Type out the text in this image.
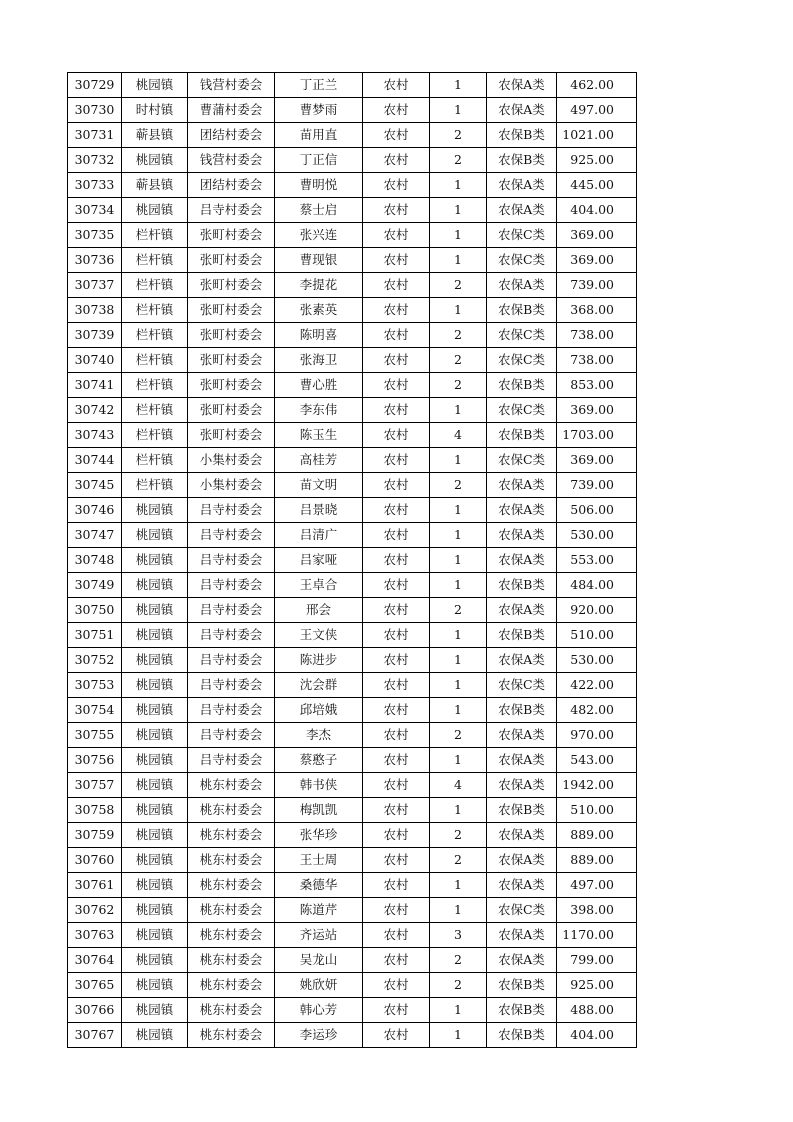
30729	桃园镇	钱营村委会	丁正兰	农村	1	农保A类	462.00
30730	时村镇	曹蒲村委会	曹梦雨	农村	1	农保A类	497.00
30731	蕲县镇	团结村委会	苗用直	农村	2	农保B类	1021.00
30732	桃园镇	钱营村委会	丁正信	农村	2	农保B类	925.00
30733	蕲县镇	团结村委会	曹明悦	农村	1	农保A类	445.00
30734	桃园镇	吕寺村委会	蔡士启	农村	1	农保A类	404.00
30735	栏杆镇	张町村委会	张兴连	农村	1	农保C类	369.00
30736	栏杆镇	张町村委会	曹现银	农村	1	农保C类	369.00
30737	栏杆镇	张町村委会	李提花	农村	2	农保A类	739.00
30738	栏杆镇	张町村委会	张素英	农村	1	农保B类	368.00
30739	栏杆镇	张町村委会	陈明喜	农村	2	农保C类	738.00
30740	栏杆镇	张町村委会	张海卫	农村	2	农保C类	738.00
30741	栏杆镇	张町村委会	曹心胜	农村	2	农保B类	853.00
30742	栏杆镇	张町村委会	李东伟	农村	1	农保C类	369.00
30743	栏杆镇	张町村委会	陈玉生	农村	4	农保B类	1703.00
30744	栏杆镇	小集村委会	高桂芳	农村	1	农保C类	369.00
30745	栏杆镇	小集村委会	苗文明	农村	2	农保A类	739.00
30746	桃园镇	吕寺村委会	吕景晓	农村	1	农保A类	506.00
30747	桃园镇	吕寺村委会	吕清广	农村	1	农保A类	530.00
30748	桃园镇	吕寺村委会	吕家哑	农村	1	农保A类	553.00
30749	桃园镇	吕寺村委会	王卓合	农村	1	农保B类	484.00
30750	桃园镇	吕寺村委会	邢会	农村	2	农保A类	920.00
30751	桃园镇	吕寺村委会	王文侠	农村	1	农保B类	510.00
30752	桃园镇	吕寺村委会	陈进步	农村	1	农保A类	530.00
30753	桃园镇	吕寺村委会	沈会群	农村	1	农保C类	422.00
30754	桃园镇	吕寺村委会	邱培娥	农村	1	农保B类	482.00
30755	桃园镇	吕寺村委会	李杰	农村	2	农保A类	970.00
30756	桃园镇	吕寺村委会	蔡憨子	农村	1	农保A类	543.00
30757	桃园镇	桃东村委会	韩书侠	农村	4	农保A类	1942.00
30758	桃园镇	桃东村委会	梅凯凯	农村	1	农保B类	510.00
30759	桃园镇	桃东村委会	张华珍	农村	2	农保A类	889.00
30760	桃园镇	桃东村委会	王士周	农村	2	农保A类	889.00
30761	桃园镇	桃东村委会	桑德华	农村	1	农保A类	497.00
30762	桃园镇	桃东村委会	陈道芹	农村	1	农保C类	398.00
30763	桃园镇	桃东村委会	齐运站	农村	3	农保A类	1170.00
30764	桃园镇	桃东村委会	吴龙山	农村	2	农保A类	799.00
30765	桃园镇	桃东村委会	姚欣妍	农村	2	农保B类	925.00
30766	桃园镇	桃东村委会	韩心芳	农村	1	农保B类	488.00
30767	桃园镇	桃东村委会	李运珍	农村	1	农保B类	404.00
